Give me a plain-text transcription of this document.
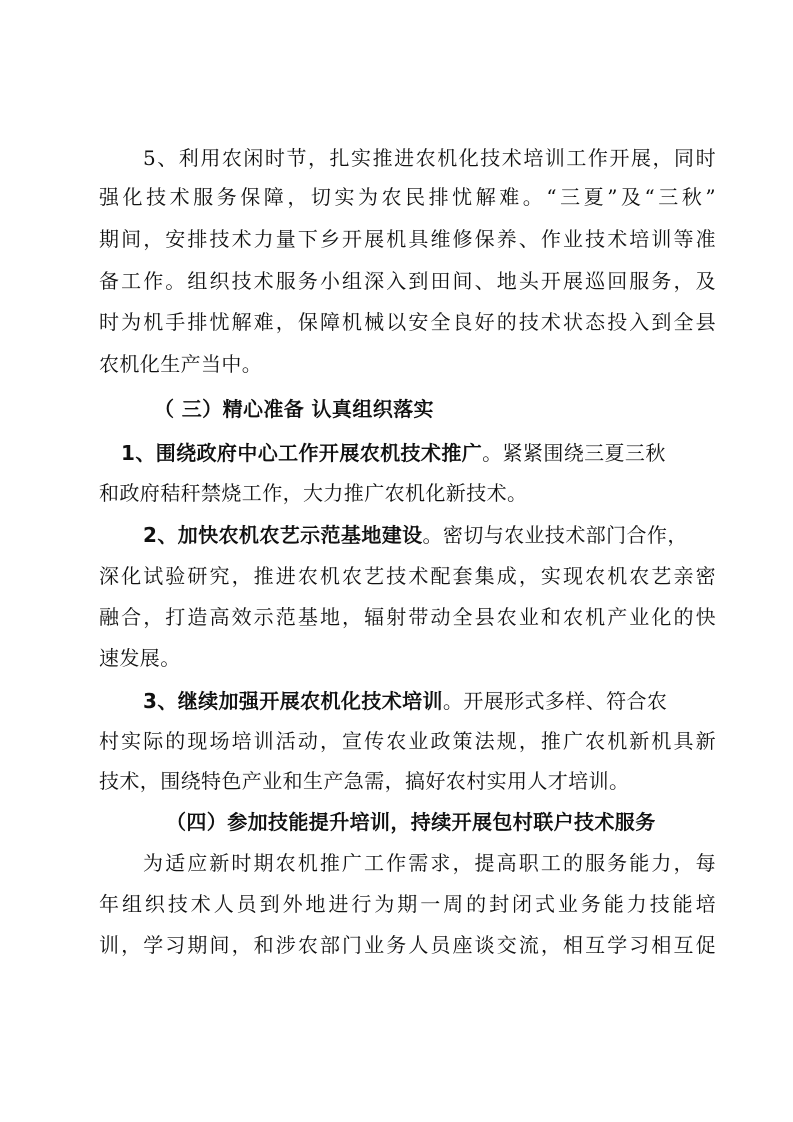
5、利用农闲时节，扎实推进农机化技术培训工作开展，同时
强化技术服务保障，切实为农民排忧解难。“三夏”及“三秋”
期间，安排技术力量下乡开展机具维修保养、作业技术培训等准
备工作。组织技术服务小组深入到田间、地头开展巡回服务，及
时为机手排忧解难，保障机械以安全良好的技术状态投入到全县
农机化生产当中。
（ 三）精心准备 认真组织落实
1、围绕政府中心工作开展农机技术推广。紧紧围绕三夏三秋
和政府秸秆禁烧工作，大力推广农机化新技术。
2、加快农机农艺示范基地建设。密切与农业技术部门合作，
深化试验研究，推进农机农艺技术配套集成，实现农机农艺亲密
融合，打造高效示范基地，辐射带动全县农业和农机产业化的快
速发展。
3、继续加强开展农机化技术培训。开展形式多样、符合农
村实际的现场培训活动，宣传农业政策法规，推广农机新机具新
技术，围绕特色产业和生产急需，搞好农村实用人才培训。
（四）参加技能提升培训，持续开展包村联户技术服务
为适应新时期农机推广工作需求，提高职工的服务能力，每
年组织技术人员到外地进行为期一周的封闭式业务能力技能培
训，学习期间，和涉农部门业务人员座谈交流，相互学习相互促
